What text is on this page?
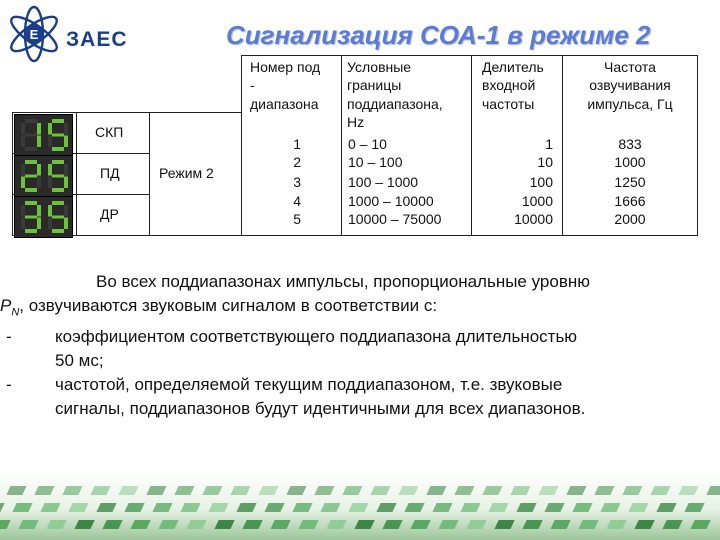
E ЗАЕС	Сигнализация СОА-1 в режиме 2
СКП
ПД
ДР
Режим 2
Номер под
-
диапазона
Условные
границы
поддиапазона,
Hz
Делитель
входной
частоты
Частота
озвучивания
импульса, Гц
1	0 – 10	1	833
2	10 – 100	10	1000
3	100 – 1000	100	1250
4	1000 – 10000	1000	1666
5	10000 – 75000	10000	2000
Во всех поддиапазонах импульсы, пропорциональные уровню
$P_N$, озвучиваются звуковым сигналом в соответствии с:
-	коэффициентом соответствующего поддиапазона длительностью
50 мс;
-	частотой, определяемой текущим поддиапазоном, т.е. звуковые
сигналы, поддиапазонов будут идентичными для всех диапазонов.
